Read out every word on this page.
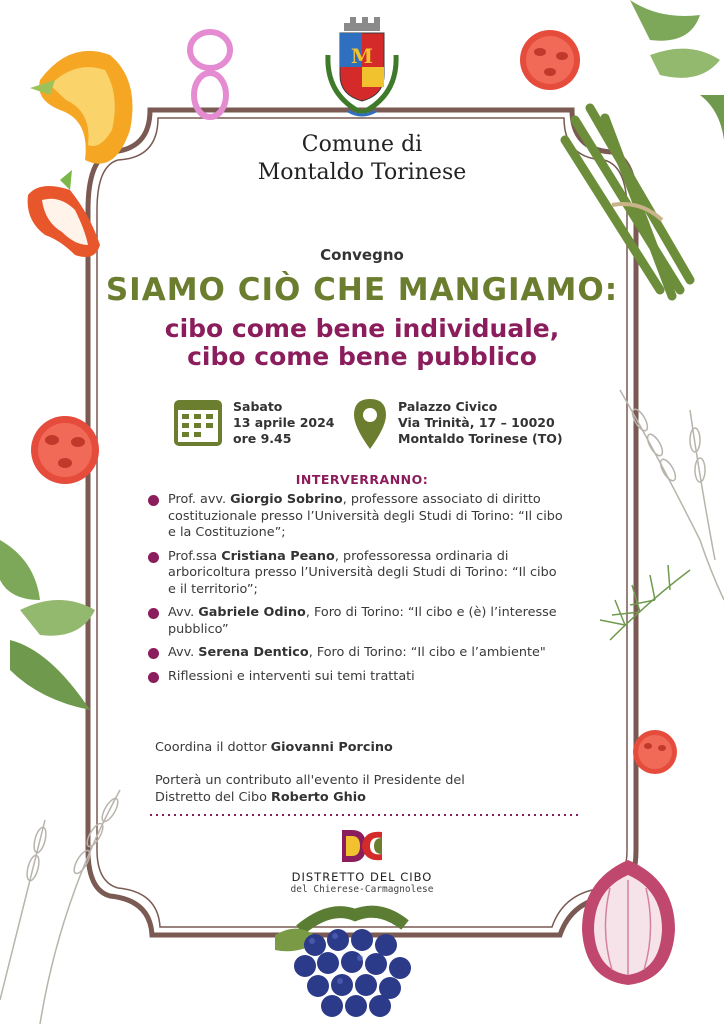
M
Comune di
Montaldo Torinese
Convegno
SIAMO CIÒ CHE MANGIAMO:
cibo come bene individuale,
cibo come bene pubblico
Sabato
13 aprile 2024
ore 9.45
Palazzo Civico
Via Trinità, 17 – 10020
Montaldo Torinese (TO)
INTERVERRANNO:
Prof. avv. Giorgio Sobrino, professore associato di diritto costituzionale presso l’Università degli Studi di Torino: “Il cibo e la Costituzione”;
Prof.ssa Cristiana Peano, professoressa ordinaria di arboricoltura presso l’Università degli Studi di Torino: “Il cibo e il territorio”;
Avv. Gabriele Odino, Foro di Torino: “Il cibo e (è) l’interesse pubblico”
Avv. Serena Dentico, Foro di Torino: “Il cibo e l’ambiente"
Riflessioni e interventi sui temi trattati
Coordina il dottor Giovanni Porcino
Porterà un contributo all'evento il Presidente del
Distretto del Cibo Roberto Ghio
DISTRETTO DEL CIBO
del Chierese-Carmagnolese
